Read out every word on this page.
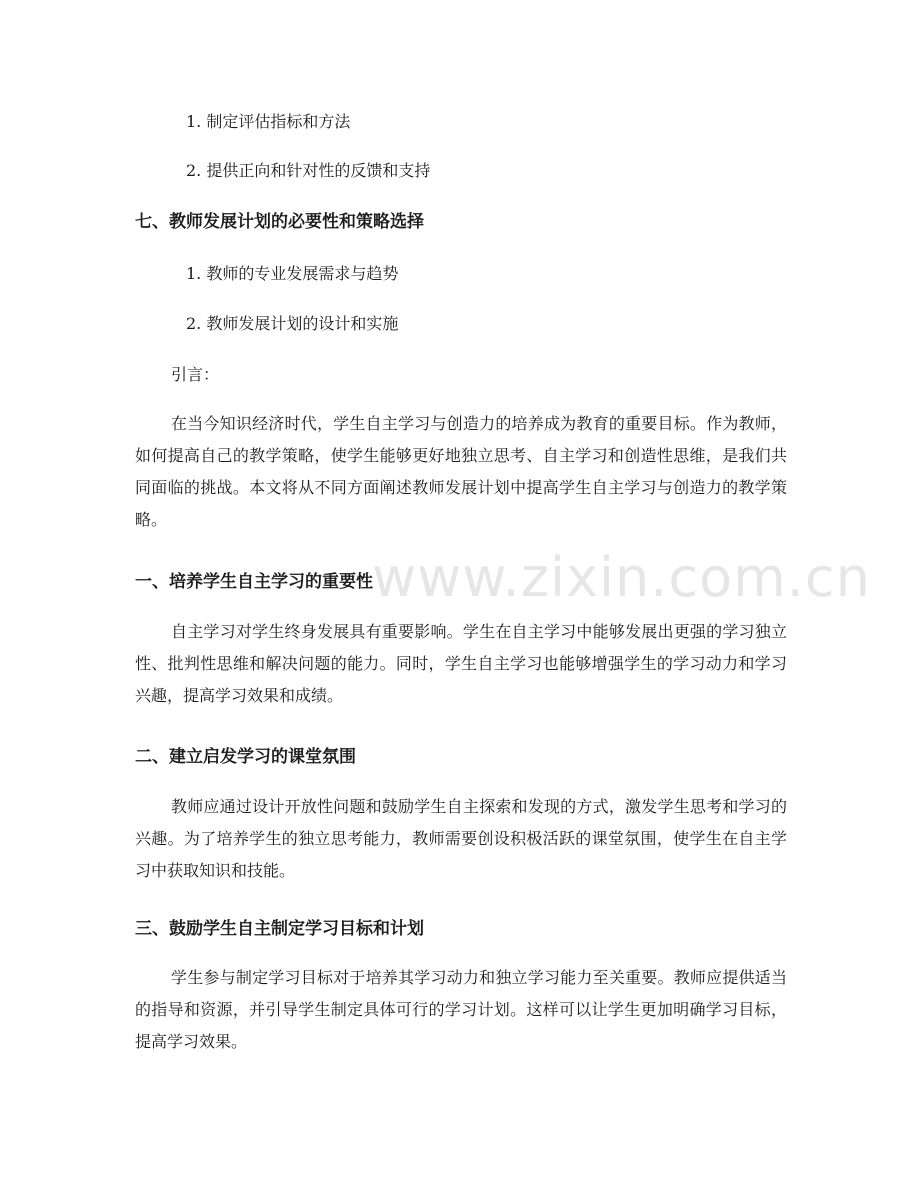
1. 制定评估指标和方法
2. 提供正向和针对性的反馈和支持
七、教师发展计划的必要性和策略选择
1. 教师的专业发展需求与趋势
2. 教师发展计划的设计和实施
引言：
在当今知识经济时代，学生自主学习与创造力的培养成为教育的重要目标。作为教师，如何提高自己的教学策略，使学生能够更好地独立思考、自主学习和创造性思维，是我们共同面临的挑战。本文将从不同方面阐述教师发展计划中提高学生自主学习与创造力的教学策略。
一、培养学生自主学习的重要性
自主学习对学生终身发展具有重要影响。学生在自主学习中能够发展出更强的学习独立性、批判性思维和解决问题的能力。同时，学生自主学习也能够增强学生的学习动力和学习兴趣，提高学习效果和成绩。
二、建立启发学习的课堂氛围
教师应通过设计开放性问题和鼓励学生自主探索和发现的方式，激发学生思考和学习的兴趣。为了培养学生的独立思考能力，教师需要创设积极活跃的课堂氛围，使学生在自主学习中获取知识和技能。
三、鼓励学生自主制定学习目标和计划
学生参与制定学习目标对于培养其学习动力和独立学习能力至关重要。教师应提供适当的指导和资源，并引导学生制定具体可行的学习计划。这样可以让学生更加明确学习目标，提高学习效果。
www.zixin.com.cn
